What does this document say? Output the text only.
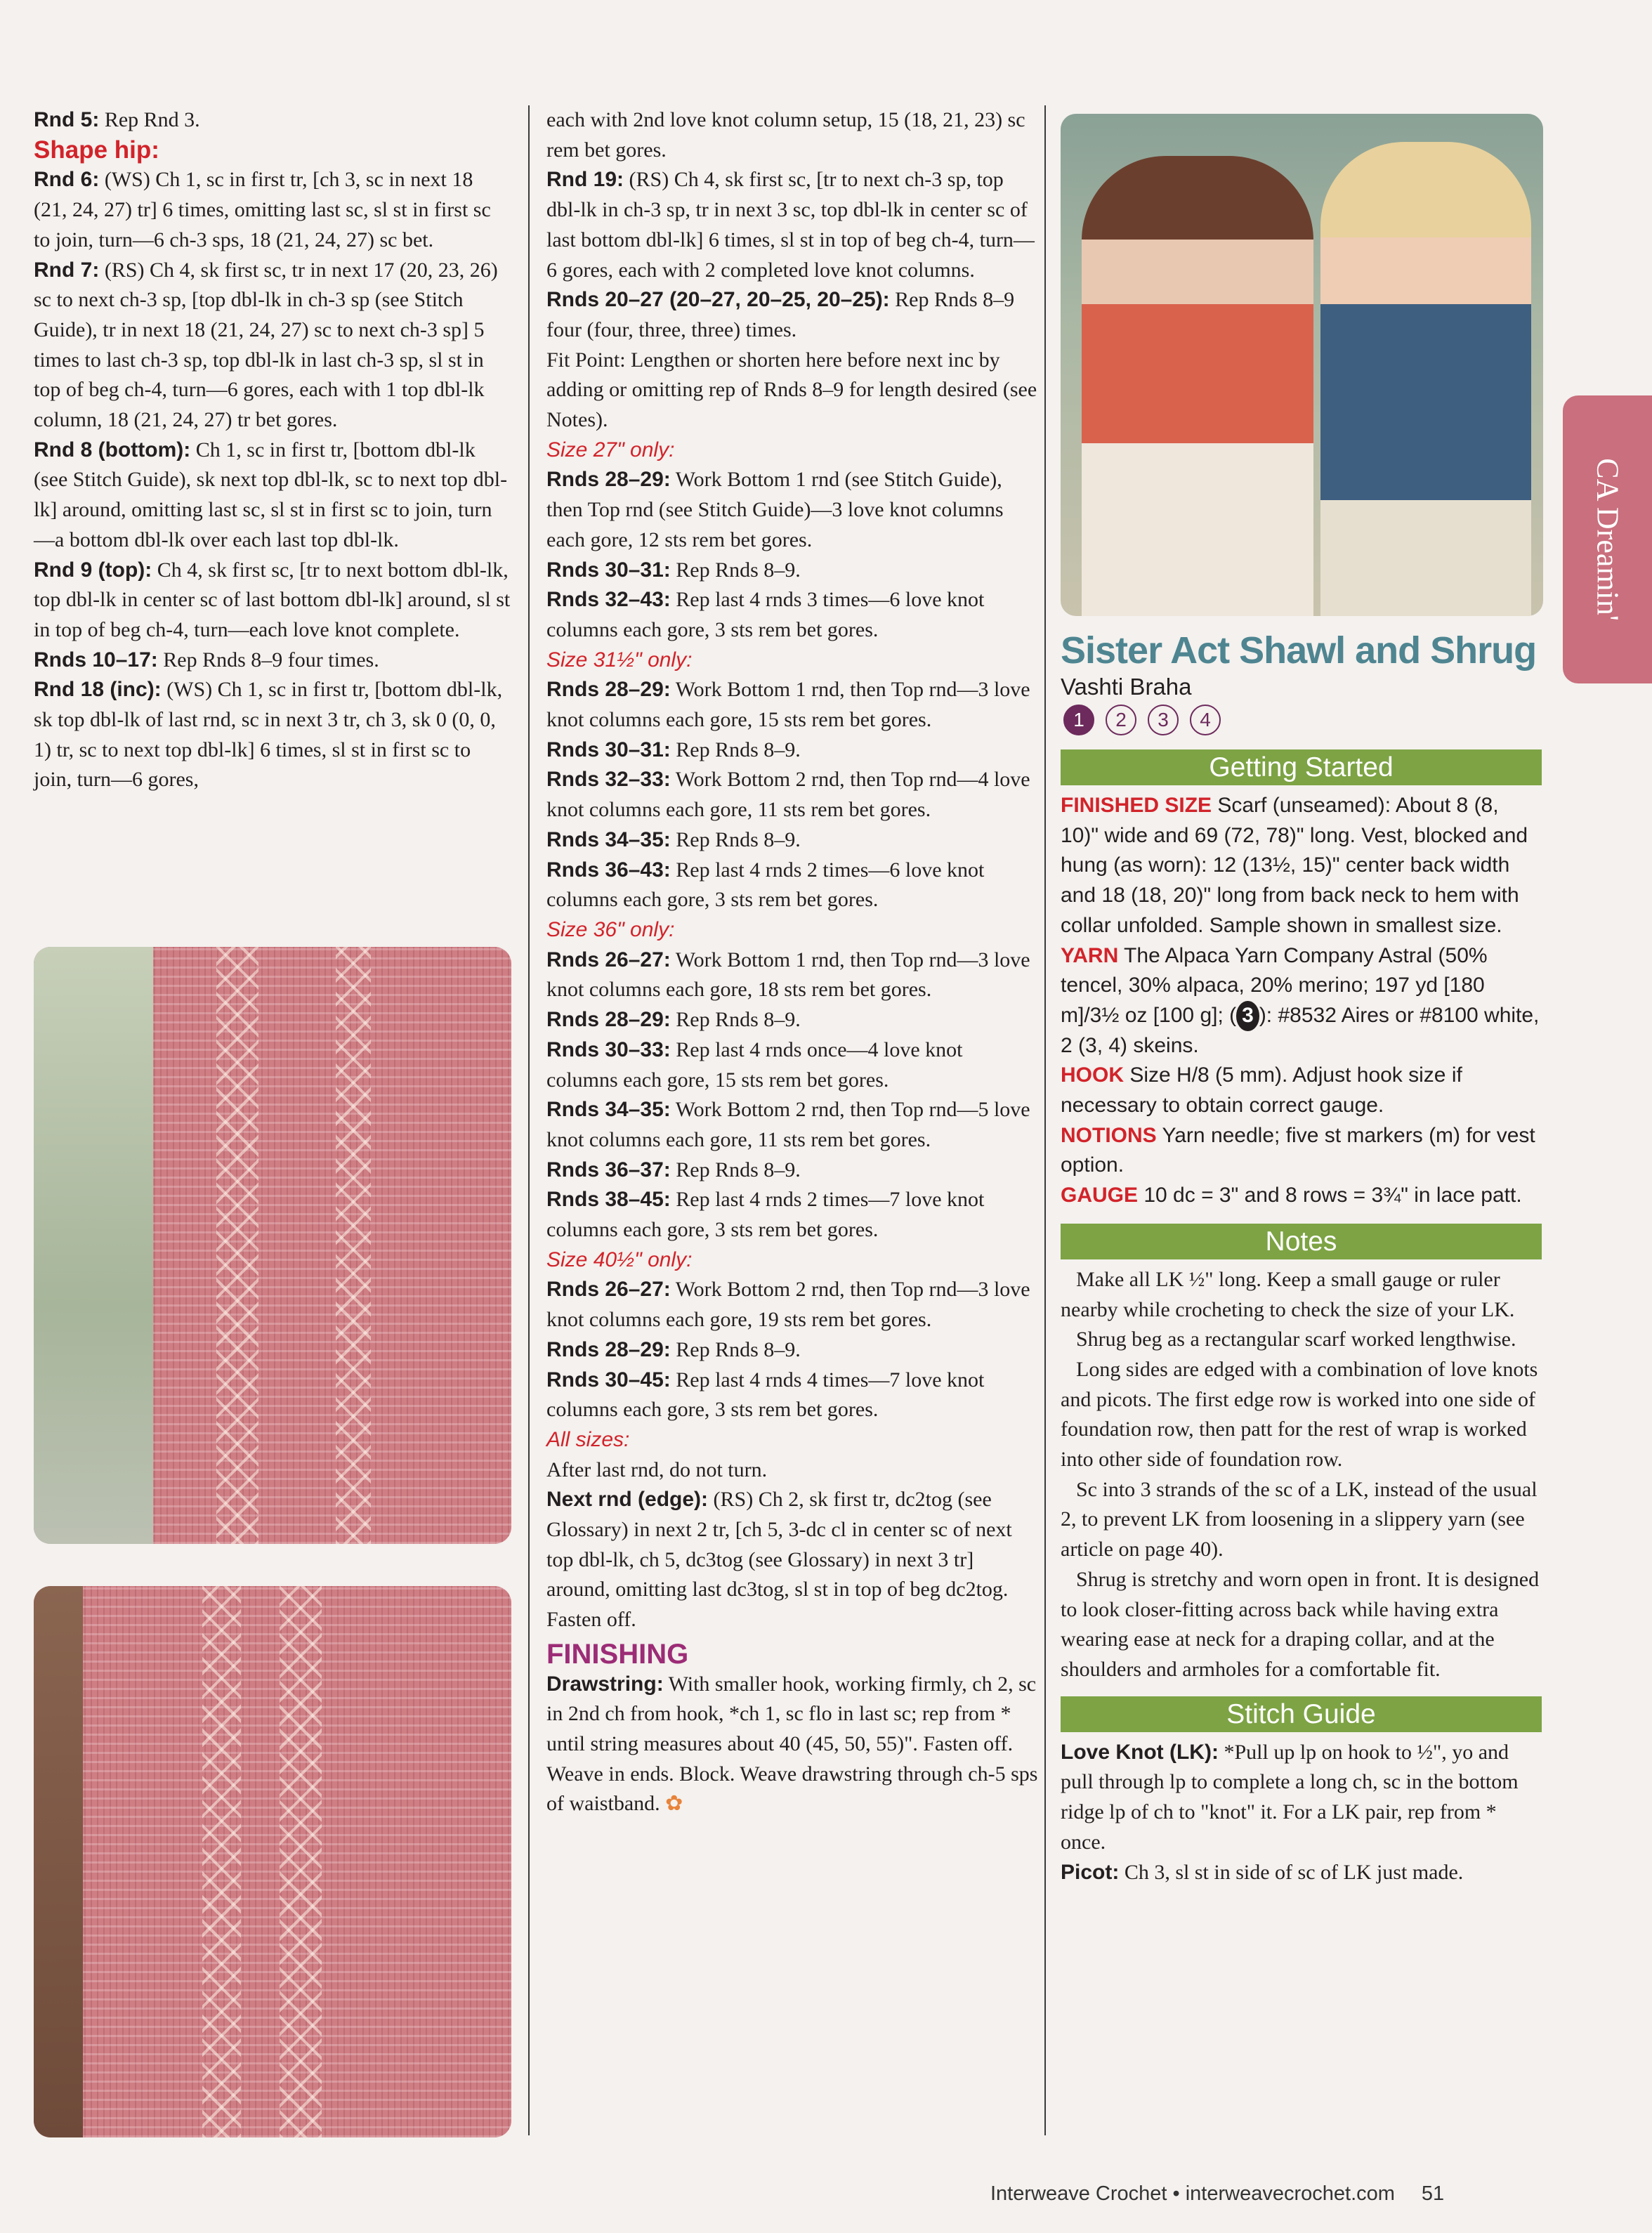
Rnd 5: Rep Rnd 3.

Shape hip:

Rnd 6: (WS) Ch 1, sc in first tr, [ch 3, sc in next 18 (21, 24, 27) tr] 6 times, omitting last sc, sl st in first sc to join, turn—6 ch-3 sps, 18 (21, 24, 27) sc bet.

Rnd 7: (RS) Ch 4, sk first sc, tr in next 17 (20, 23, 26) sc to next ch-3 sp, [top dbl-lk in ch-3 sp (see Stitch Guide), tr in next 18 (21, 24, 27) sc to next ch-3 sp] 5 times to last ch-3 sp, top dbl-lk in last ch-3 sp, sl st in top of beg ch-4, turn—6 gores, each with 1 top dbl-lk column, 18 (21, 24, 27) tr bet gores.

Rnd 8 (bottom): Ch 1, sc in first tr, [bottom dbl-lk (see Stitch Guide), sk next top dbl-lk, sc to next top dbl-lk] around, omitting last sc, sl st in first sc to join, turn—a bottom dbl-lk over each last top dbl-lk.

Rnd 9 (top): Ch 4, sk first sc, [tr to next bottom dbl-lk, top dbl-lk in center sc of last bottom dbl-lk] around, sl st in top of beg ch-4, turn—each love knot complete.

Rnds 10–17: Rep Rnds 8–9 four times.

Rnd 18 (inc): (WS) Ch 1, sc in first tr, [bottom dbl-lk, sk top dbl-lk of last rnd, sc in next 3 tr, ch 3, sk 0 (0, 0, 1) tr, sc to next top dbl-lk] 6 times, sl st in first sc to join, turn—6 gores,

each with 2nd love knot column setup, 15 (18, 21, 23) sc rem bet gores.

Rnd 19: (RS) Ch 4, sk first sc, [tr to next ch-3 sp, top dbl-lk in ch-3 sp, tr in next 3 sc, top dbl-lk in center sc of last bottom dbl-lk] 6 times, sl st in top of beg ch-4, turn—6 gores, each with 2 completed love knot columns.

Rnds 20–27 (20–27, 20–25, 20–25): Rep Rnds 8–9 four (four, three, three) times.

Fit Point: Lengthen or shorten here before next inc by adding or omitting rep of Rnds 8–9 for length desired (see Notes).

Size 27" only:

Rnds 28–29: Work Bottom 1 rnd (see Stitch Guide), then Top rnd (see Stitch Guide)—3 love knot columns each gore, 12 sts rem bet gores.

Rnds 30–31: Rep Rnds 8–9.

Rnds 32–43: Rep last 4 rnds 3 times—6 love knot columns each gore, 3 sts rem bet gores.

Size 31½" only:

Rnds 28–29: Work Bottom 1 rnd, then Top rnd—3 love knot columns each gore, 15 sts rem bet gores.

Rnds 30–31: Rep Rnds 8–9.

Rnds 32–33: Work Bottom 2 rnd, then Top rnd—4 love knot columns each gore, 11 sts rem bet gores.

Rnds 34–35: Rep Rnds 8–9.

Rnds 36–43: Rep last 4 rnds 2 times—6 love knot columns each gore, 3 sts rem bet gores.

Size 36" only:

Rnds 26–27: Work Bottom 1 rnd, then Top rnd—3 love knot columns each gore, 18 sts rem bet gores.

Rnds 28–29: Rep Rnds 8–9.

Rnds 30–33: Rep last 4 rnds once—4 love knot columns each gore, 15 sts rem bet gores.

Rnds 34–35: Work Bottom 2 rnd, then Top rnd—5 love knot columns each gore, 11 sts rem bet gores.

Rnds 36–37: Rep Rnds 8–9.

Rnds 38–45: Rep last 4 rnds 2 times—7 love knot columns each gore, 3 sts rem bet gores.

Size 40½" only:

Rnds 26–27: Work Bottom 2 rnd, then Top rnd—3 love knot columns each gore, 19 sts rem bet gores.

Rnds 28–29: Rep Rnds 8–9.

Rnds 30–45: Rep last 4 rnds 4 times—7 love knot columns each gore, 3 sts rem bet gores.

All sizes:

After last rnd, do not turn.

Next rnd (edge): (RS) Ch 2, sk first tr, dc2tog (see Glossary) in next 2 tr, [ch 5, 3-dc cl in center sc of next top dbl-lk, ch 5, dc3tog (see Glossary) in next 3 tr] around, omitting last dc3tog, sl st in top of beg dc2tog. Fasten off.

FINISHING

Drawstring: With smaller hook, working firmly, ch 2, sc in 2nd ch from hook, *ch 1, sc flo in last sc; rep from * until string measures about 40 (45, 50, 55)". Fasten off. Weave in ends. Block. Weave drawstring through ch-5 sps of waistband. ✿

Sister Act Shawl and Shrug

Vashti Braha

1	2	3	4
Getting Started

FINISHED SIZE Scarf (unseamed): About 8 (8, 10)" wide and 69 (72, 78)" long. Vest, blocked and hung (as worn): 12 (13½, 15)" center back width and 18 (18, 20)" long from back neck to hem with collar unfolded. Sample shown in smallest size.

YARN The Alpaca Yarn Company Astral (50% tencel, 30% alpaca, 20% merino; 197 yd [180 m]/3½ oz [100 g]; ( 3 ): #8532 Aires or #8100 white, 2 (3, 4) skeins.

HOOK Size H/8 (5 mm). Adjust hook size if necessary to obtain correct gauge.

NOTIONS Yarn needle; five st markers (m) for vest option.

GAUGE 10 dc = 3" and 8 rows = 3¾" in lace patt.

Notes

Make all LK ½" long. Keep a small gauge or ruler nearby while crocheting to check the size of your LK.

Shrug beg as a rectangular scarf worked lengthwise.

Long sides are edged with a combination of love knots and picots. The first edge row is worked into one side of foundation row, then patt for the rest of wrap is worked into other side of foundation row.

Sc into 3 strands of the sc of a LK, instead of the usual 2, to prevent LK from loosening in a slippery yarn (see article on page 40).

Shrug is stretchy and worn open in front. It is designed to look closer-fitting across back while having extra wearing ease at neck for a draping collar, and at the shoulders and armholes for a comfortable fit.

Stitch Guide

Love Knot (LK): *Pull up lp on hook to ½", yo and pull through lp to complete a long ch, sc in the bottom ridge lp of ch to "knot" it. For a LK pair, rep from * once.

Picot: Ch 3, sl st in side of sc of LK just made.

CA Dreamin'
Interweave Crochet • interweavecrochet.com 51
